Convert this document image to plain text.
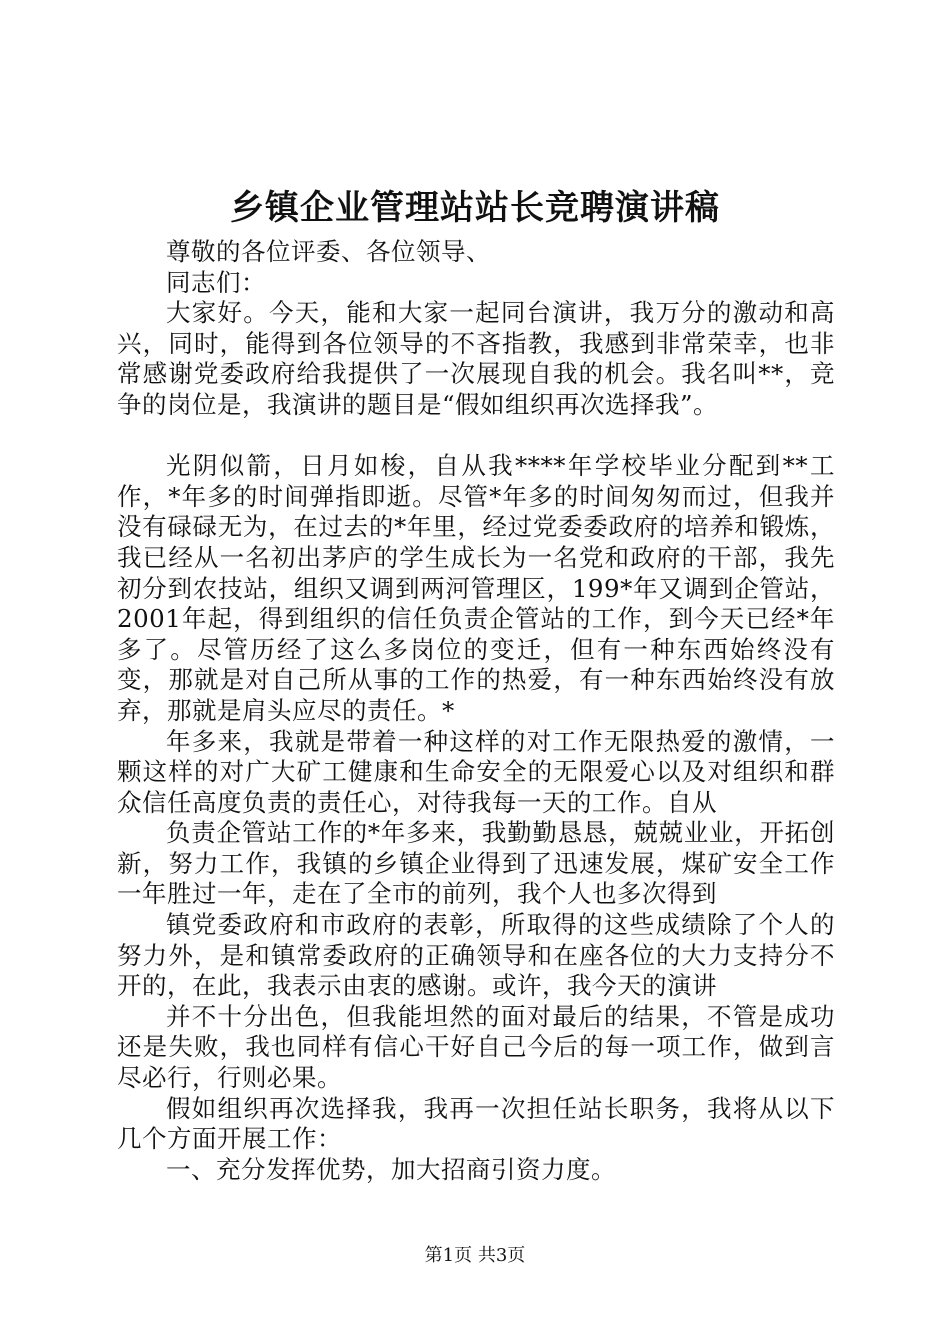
乡镇企业管理站站长竞聘演讲稿

尊敬的各位评委、各位领导、

同志们：

大家好。今天，能和大家一起同台演讲，我万分的激动和高兴，同时，能得到各位领导的不吝指教，我感到非常荣幸，也非常感谢党委政府给我提供了一次展现自我的机会。我名叫**，竞争的岗位是，我演讲的题目是“假如组织再次选择我”。

光阴似箭，日月如梭，自从我****年学校毕业分配到**工作，*年多的时间弹指即逝。尽管*年多的时间匆匆而过，但我并没有碌碌无为，在过去的*年里，经过党委委政府的培养和锻炼，我已经从一名初出茅庐的学生成长为一名党和政府的干部，我先初分到农技站，组织又调到两河管理区，199*年又调到企管站，2001年起，得到组织的信任负责企管站的工作，到今天已经*年多了。尽管历经了这么多岗位的变迁，但有一种东西始终没有变，那就是对自己所从事的工作的热爱，有一种东西始终没有放弃，那就是肩头应尽的责任。*

年多来，我就是带着一种这样的对工作无限热爱的激情，一颗这样的对广大矿工健康和生命安全的无限爱心以及对组织和群众信任高度负责的责任心，对待我每一天的工作。自从

负责企管站工作的*年多来，我勤勤恳恳，兢兢业业，开拓创新，努力工作，我镇的乡镇企业得到了迅速发展，煤矿安全工作一年胜过一年，走在了全市的前列，我个人也多次得到

镇党委政府和市政府的表彰，所取得的这些成绩除了个人的努力外，是和镇常委政府的正确领导和在座各位的大力支持分不开的，在此，我表示由衷的感谢。或许，我今天的演讲

并不十分出色，但我能坦然的面对最后的结果，不管是成功还是失败，我也同样有信心干好自己今后的每一项工作，做到言尽必行，行则必果。

假如组织再次选择我，我再一次担任站长职务，我将从以下几个方面开展工作：

一、充分发挥优势，加大招商引资力度。

第1页 共3页
